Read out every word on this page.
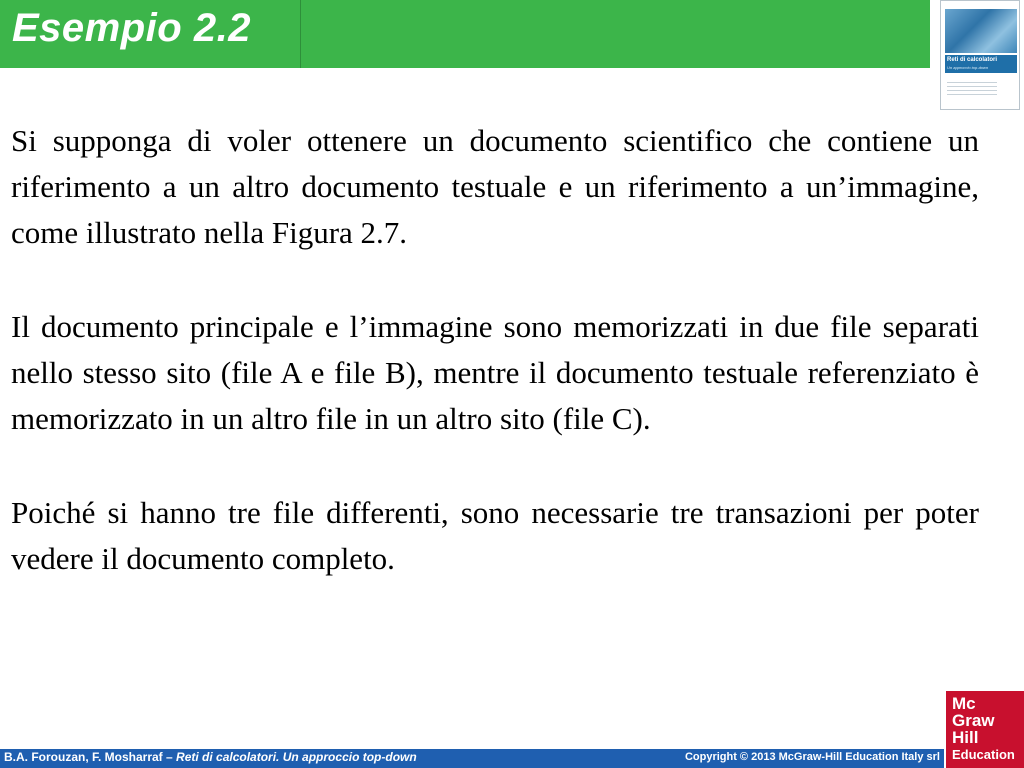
Esempio 2.2
Reti di calcolatori
Un approccio top-down

Si supponga di voler ottenere un documento scientifico che contiene un riferimento a un altro documento testuale e un riferimento a un’immagine, come illustrato nella Figura 2.7.

Il documento principale e l’immagine sono memorizzati in due file separati nello stesso sito (file A e file B), mentre il documento testuale referenziato è memorizzato in un altro file in un altro sito (file C).

Poiché si hanno tre file differenti, sono necessarie tre transazioni per poter vedere il documento completo.

B.A. Forouzan, F. Mosharraf – Reti di calcolatori. Un approccio top-down	Copyright © 2013 McGraw-Hill Education Italy srl
Mc
Graw
Hill
Education
